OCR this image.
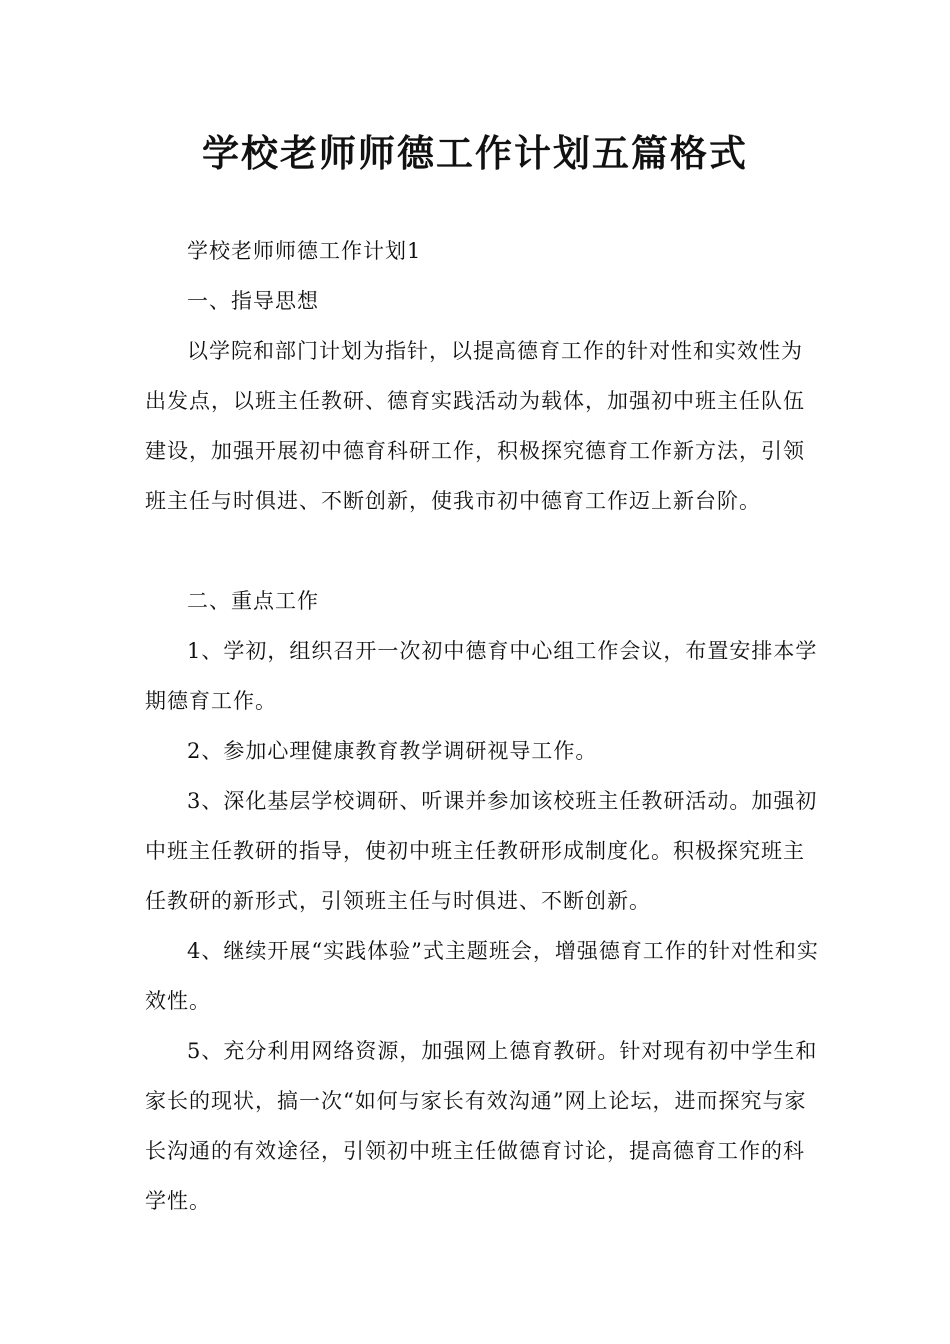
学校老师师德工作计划五篇格式

学校老师师德工作计划1

一、指导思想

以学院和部门计划为指针，以提高德育工作的针对性和实效性为出发点，以班主任教研、德育实践活动为载体，加强初中班主任队伍建设，加强开展初中德育科研工作，积极探究德育工作新方法，引领班主任与时俱进、不断创新，使我市初中德育工作迈上新台阶。

二、重点工作

1、学初，组织召开一次初中德育中心组工作会议，布置安排本学期德育工作。

2、参加心理健康教育教学调研视导工作。

3、深化基层学校调研、听课并参加该校班主任教研活动。加强初中班主任教研的指导，使初中班主任教研形成制度化。积极探究班主任教研的新形式，引领班主任与时俱进、不断创新。

4、继续开展“实践体验”式主题班会，增强德育工作的针对性和实效性。

5、充分利用网络资源，加强网上德育教研。针对现有初中学生和家长的现状，搞一次“如何与家长有效沟通”网上论坛，进而探究与家长沟通的有效途径，引领初中班主任做德育讨论，提高德育工作的科学性。
